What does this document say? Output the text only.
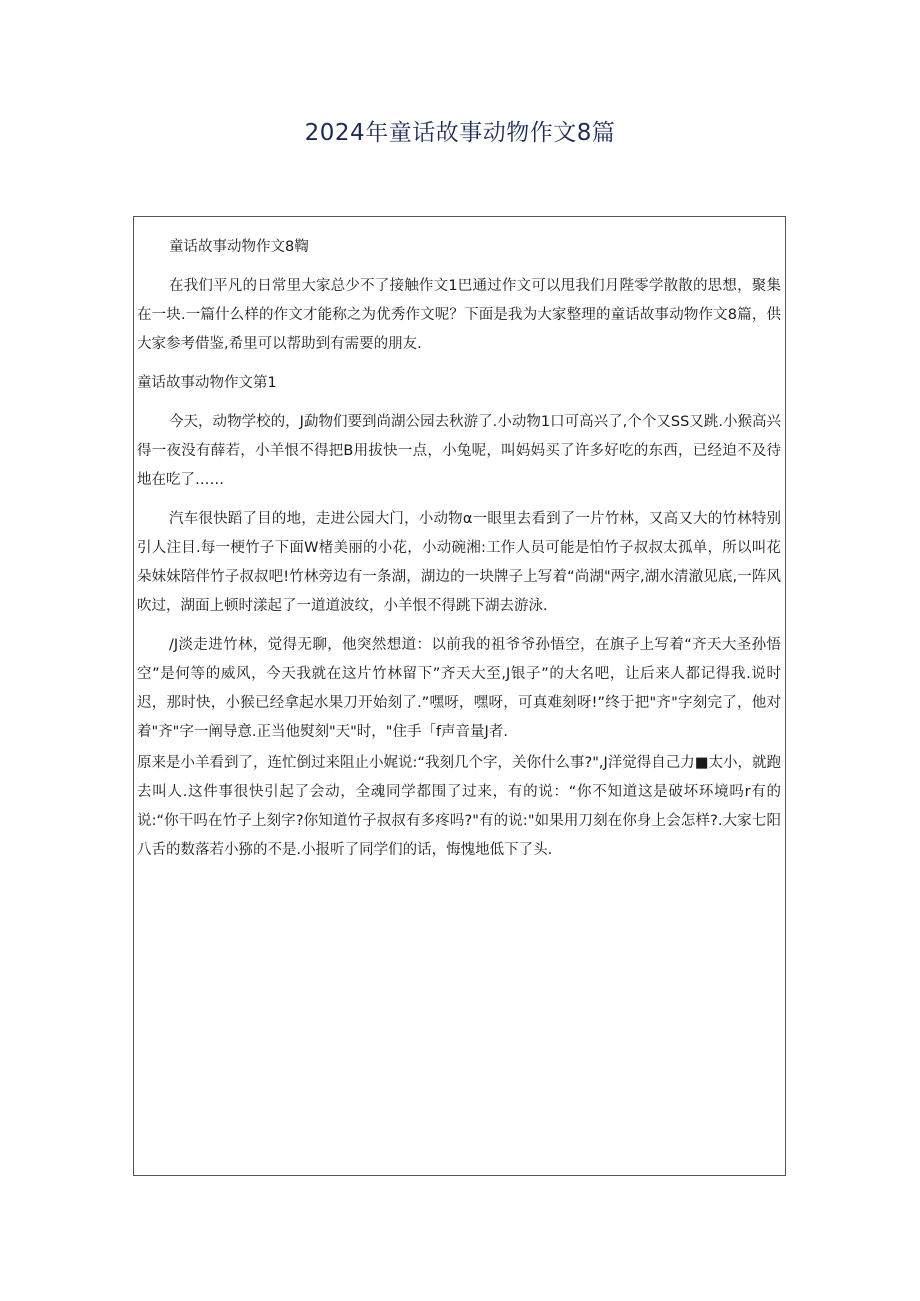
2024年童话故事动物作文8篇

童话故事动物作文8鞫

在我们平凡的日常里大家总少不了接触作文1巴通过作文可以甩我们月陛零学散散的思想，聚集在一块.一篇什么样的作文才能称之为优秀作文呢？下面是我为大家整理的童话故事动物作文8篇，供大家参考借鉴,希里可以帮助到有需要的朋友.

童话故事动物作文第1

今天，动物学校的，J勐物们要到尚湖公园去秋游了.小动物1口可高兴了,个个又SS又跳.小猴高兴得一夜没有薛若，小羊恨不得把B用拔快一点，小兔呢，叫妈妈买了许多好吃的东西，已经迫不及待地在吃了……

汽车很快蹈了目的地，走进公园大门，小动物α一眼里去看到了一片竹林，又高又大的竹林特别引人注目.每一梗竹子下面W楮美丽的小花，小动碗湘:工作人员可能是怕竹子叔叔太孤单，所以叫花朵妹妹陪伴竹子叔叔吧!竹林旁边有一条湖，湖边的一块牌子上写着“尚湖"两字,湖水清澈见底,一阵风吹过，湖面上顿时漾起了一道道波纹，小羊恨不得跳下湖去游泳.

/J淡走进竹林，觉得无聊，他突然想道：以前我的祖爷爷孙悟空，在旗子上写着“齐天大圣孙悟空”是何等的威风，今天我就在这片竹林留下”齐天大至,J银子”的大名吧，让后来人都记得我.说时迟，那时快，小猴已经拿起水果刀开始刻了.”嘿呀，嘿呀，可真难刻呀!”终于把"齐"字刻完了，他对着"齐"字一阐导意.正当他熨刻"天"时，"住手「f声音量J者.

原来是小羊看到了，连忙倒过来阻止小娓说:“我刻几个字，关你什么事?",J洋觉得自己力■太小，就跑去叫人.这件事很快引起了会动，全魂同学都围了过来，有的说：“你不知道这是破坏环境吗r有的说:“你干吗在竹子上刻字?你知道竹子叔叔有多疼吗?"有的说:"如果用刀刻在你身上会怎样?.大家七阳八舌的数落若小猕的不是.小报听了同学们的话，悔愧地低下了头.
